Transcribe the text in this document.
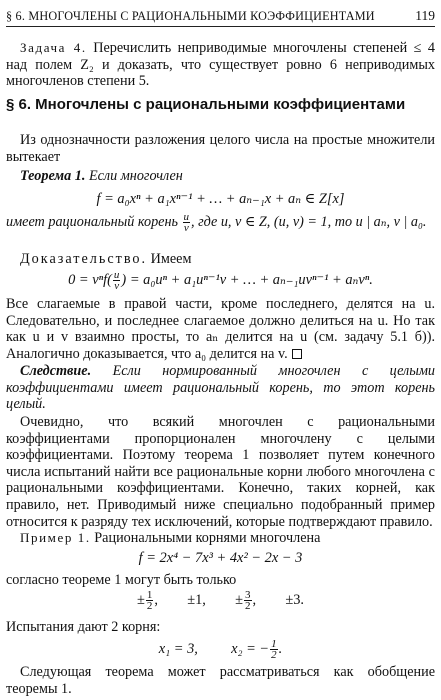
§ 6. МНОГОЧЛЕНЫ С РАЦИОНАЛЬНЫМИ КОЭФФИЦИЕНТАМИ	119
Задача 4. Перечислить неприводимые многочлены степеней ≤ 4 над полем Z₂ и доказать, что существует ровно 6 неприводимых многочленов степени 5.
§ 6. Многочлены с рациональными коэффициентами
Из однозначности разложения целого числа на простые множители вытекает
Теорема 1. Если многочлен
f = a₀xⁿ + a₁xⁿ⁻¹ + … + aₙ₋₁x + aₙ ∈ Z[x]
имеет рациональный корень $\frac{u}{v}$ , где u, v ∈ Z, (u, v) = 1, то u | aₙ, v | a₀.
Доказательство. Имеем
$0 = v^nf( \frac{u}{v}$ ) = a₀uⁿ + a₁uⁿ⁻¹v + … + aₙ₋₁uvⁿ⁻¹ + aₙvⁿ.
Все слагаемые в правой части, кроме последнего, делятся на u. Следовательно, и последнее слагаемое должно делиться на u. Но так как u и v взаимно просты, то aₙ делится на u (см. задачу 5.1 б)). Аналогично доказывается, что a₀ делится на v.
Следствие. Если нормированный многочлен с целыми коэффициентами имеет рациональный корень, то этот корень целый.
Очевидно, что всякий многочлен с рациональными коэффициентами пропорционален многочлену с целыми коэффициентами. Поэтому теорема 1 позволяет путем конечного числа испытаний найти все рациональные корни любого многочлена с рациональными коэффициентами. Конечно, таких корней, как правило, нет. Приводимый ниже специально подобранный пример относится к разряду тех исключений, которые подтверждают правило.
Пример 1. Рациональными корнями многочлена
f = 2x⁴ − 7x³ + 4x² − 2x − 3
согласно теореме 1 могут быть только
± $\frac{1}{2}$ ,  ±1, ± $\frac{3}{2}$ ,  ±3.
Испытания дают 2 корня:
x₁ = 3, x₂ = − $\frac{1}{2}$ .
Следующая теорема может рассматриваться как обобщение теоремы 1.
